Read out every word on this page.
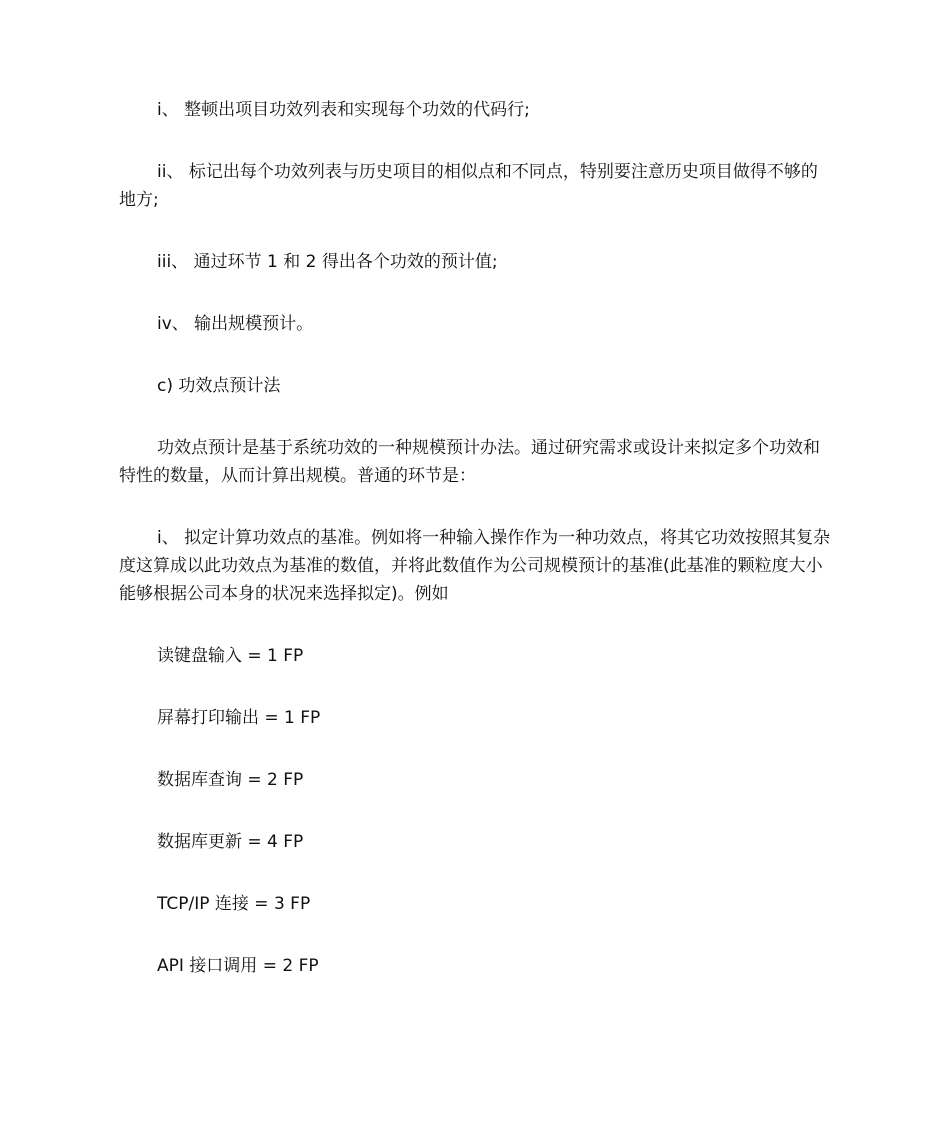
i、 整顿出项目功效列表和实现每个功效的代码行;

ii、 标记出每个功效列表与历史项目的相似点和不同点，特别要注意历史项目做得不够的地方;

iii、 通过环节 1 和 2 得出各个功效的预计值;

iv、 输出规模预计。

c) 功效点预计法

功效点预计是基于系统功效的一种规模预计办法。通过研究需求或设计来拟定多个功效和特性的数量，从而计算出规模。普通的环节是：

i、 拟定计算功效点的基准。例如将一种输入操作作为一种功效点，将其它功效按照其复杂度这算成以此功效点为基准的数值，并将此数值作为公司规模预计的基准(此基准的颗粒度大小能够根据公司本身的状况来选择拟定)。例如

读键盘输入 = 1 FP

屏幕打印输出 = 1 FP

数据库查询 = 2 FP

数据库更新 = 4 FP

TCP/IP 连接 = 3 FP

API 接口调用 = 2 FP
